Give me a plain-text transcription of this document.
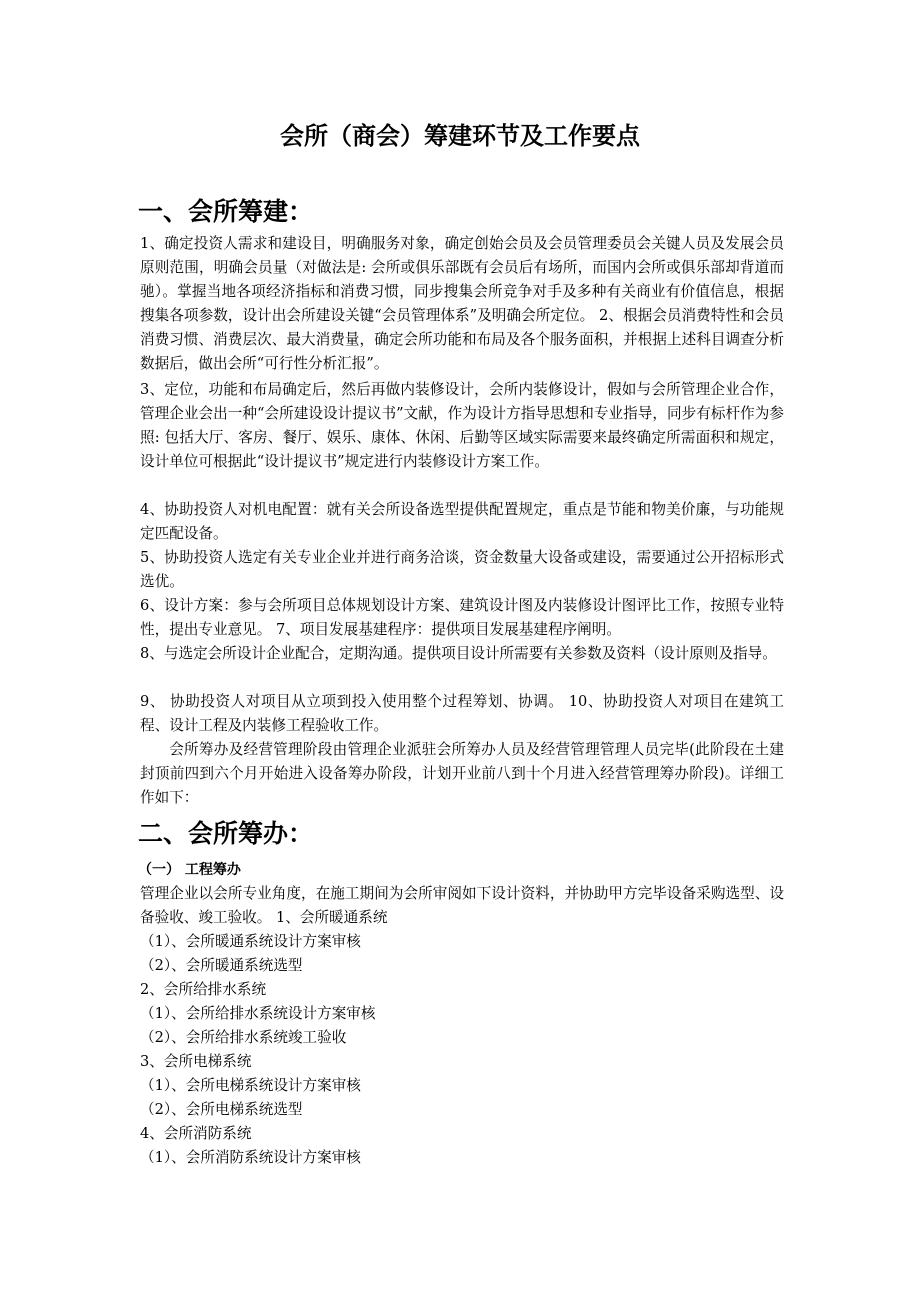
会所（商会）筹建环节及工作要点
一、会所筹建：
1、确定投资人需求和建设目，明确服务对象，确定创始会员及会员管理委员会关键人员及发展会员原则范围，明确会员量（对做法是: 会所或俱乐部既有会员后有场所，而国内会所或俱乐部却背道而驰）。掌握当地各项经济指标和消费习惯，同步搜集会所竞争对手及多种有关商业有价值信息，根据搜集各项参数，设计出会所建设关键“会员管理体系”及明确会所定位。 2、根据会员消费特性和会员消费习惯、消费层次、最大消费量，确定会所功能和布局及各个服务面积，并根据上述科目调查分析数据后，做出会所“可行性分析汇报”。
3、定位，功能和布局确定后，然后再做内装修设计，会所内装修设计，假如与会所管理企业合作，管理企业会出一种“会所建设设计提议书”文献，作为设计方指导思想和专业指导，同步有标杆作为参照: 包括大厅、客房、餐厅、娱乐、康体、休闲、后勤等区域实际需要来最终确定所需面积和规定，设计单位可根据此“设计提议书”规定进行内装修设计方案工作。
4、协助投资人对机电配置：就有关会所设备选型提供配置规定，重点是节能和物美价廉，与功能规定匹配设备。
5、协助投资人选定有关专业企业并进行商务洽谈，资金数量大设备或建设，需要通过公开招标形式选优。
6、设计方案：参与会所项目总体规划设计方案、建筑设计图及内装修设计图评比工作，按照专业特性，提出专业意见。 7、项目发展基建程序：提供项目发展基建程序阐明。
8、与选定会所设计企业配合，定期沟通。提供项目设计所需要有关参数及资料（设计原则及指导。
9、 协助投资人对项目从立项到投入使用整个过程筹划、协调。 10、协助投资人对项目在建筑工程、设计工程及内装修工程验收工作。
会所筹办及经营管理阶段由管理企业派驻会所筹办人员及经营管理管理人员完毕(此阶段在土建封顶前四到六个月开始进入设备筹办阶段，计划开业前八到十个月进入经营管理筹办阶段)。详细工作如下：
二、会所筹办：
（一） 工程筹办
管理企业以会所专业角度，在施工期间为会所审阅如下设计资料，并协助甲方完毕设备采购选型、设备验收、竣工验收。 1、会所暖通系统
（1）、会所暖通系统设计方案审核
（2）、会所暖通系统选型
2、会所给排水系统
（1）、会所给排水系统设计方案审核
（2）、会所给排水系统竣工验收
3、会所电梯系统
（1）、会所电梯系统设计方案审核
（2）、会所电梯系统选型
4、会所消防系统
（1）、会所消防系统设计方案审核
